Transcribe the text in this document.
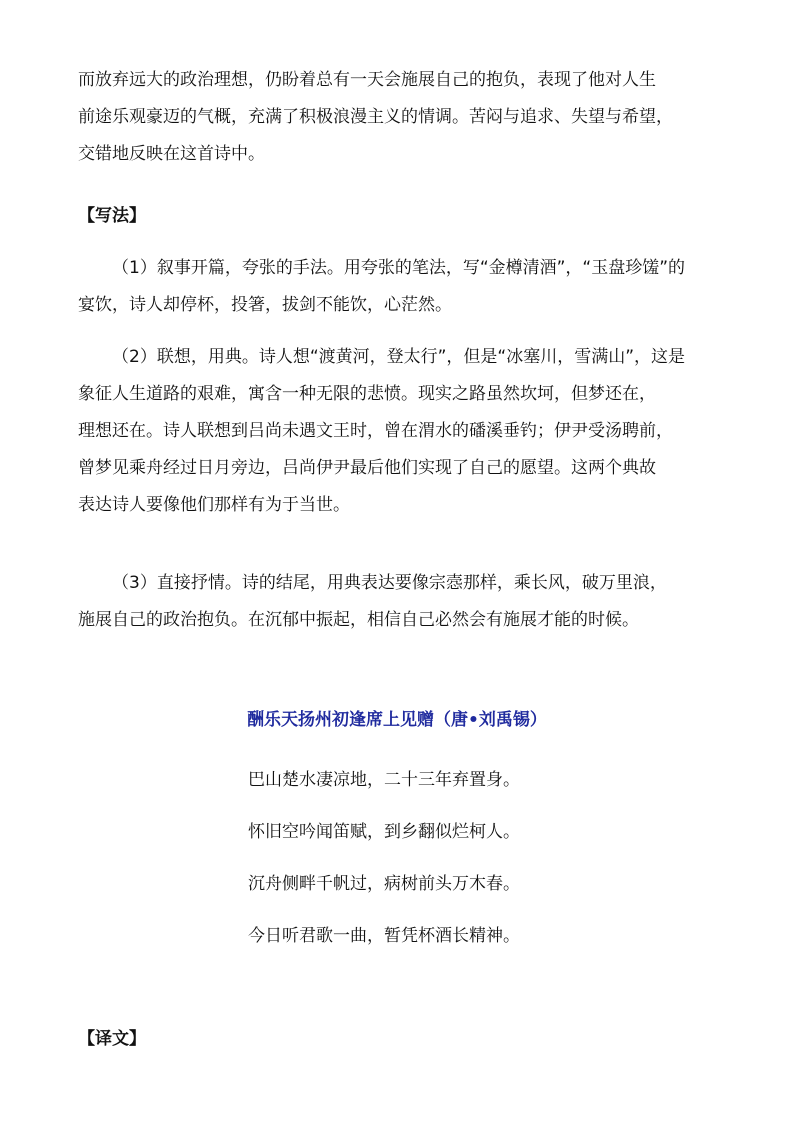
而放弃远大的政治理想，仍盼着总有一天会施展自己的抱负，表现了他对人生
前途乐观豪迈的气概，充满了积极浪漫主义的情调。苦闷与追求、失望与希望，
交错地反映在这首诗中。

【写法】

（1）叙事开篇，夸张的手法。用夸张的笔法，写“金樽清酒”，“玉盘珍馐”的
宴饮，诗人却停杯，投箸，拔剑不能饮，心茫然。

（2）联想，用典。诗人想“渡黄河，登太行”，但是“冰塞川，雪满山”，这是
象征人生道路的艰难，寓含一种无限的悲愤。现实之路虽然坎坷，但梦还在，
理想还在。诗人联想到吕尚未遇文王时，曾在渭水的磻溪垂钓；伊尹受汤聘前，
曾梦见乘舟经过日月旁边，吕尚伊尹最后他们实现了自己的愿望。这两个典故
表达诗人要像他们那样有为于当世。

（3）直接抒情。诗的结尾，用典表达要像宗悫那样，乘长风，破万里浪，
施展自己的政治抱负。在沉郁中振起，相信自己必然会有施展才能的时候。

酬乐天扬州初逢席上见赠（唐•刘禹锡）

巴山楚水凄凉地，二十三年弃置身。

怀旧空吟闻笛赋，到乡翻似烂柯人。

沉舟侧畔千帆过，病树前头万木春。

今日听君歌一曲，暂凭杯酒长精神。

【译文】
